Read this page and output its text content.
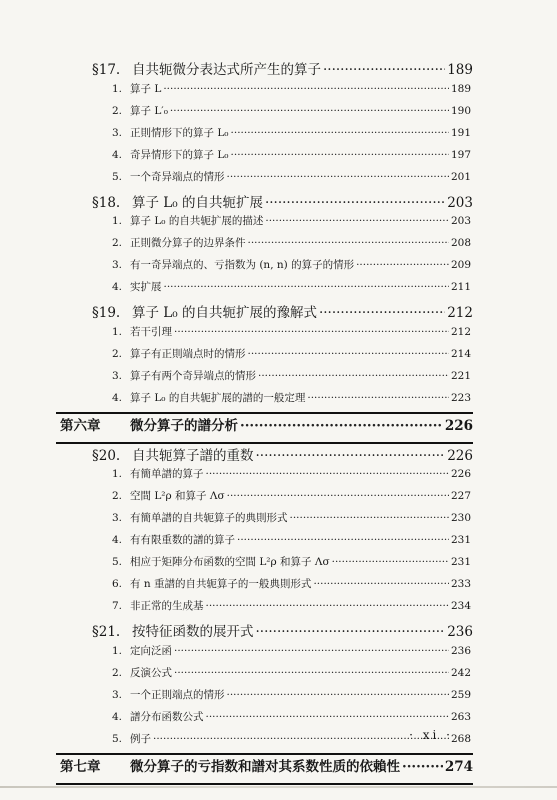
§17. 自共轭微分表达式所产生的算子 ·····	189
1. 算子 L ·····	189
2. 算子 L′₀ ·····	190
3. 正則情形下的算子 L₀ ·····	191
4. 奇异情形下的算子 L₀ ·····	197
5. 一个奇异端点的情形 ·····	201
§18. 算子 L₀ 的自共轭扩展 ·····	203
1. 算子 L₀ 的自共轭扩展的描述 ·····	203
2. 正則微分算子的边界条件 ·····	208
3. 有一奇异端点的、亏指数为 (n, n) 的算子的情形 ·····	209
4. 实扩展 ·····	211
§19. 算子 L₀ 的自共轭扩展的豫解式 ·····	212
1. 若干引理 ·····	212
2. 算子有正則端点时的情形 ·····	214
3. 算子有两个奇异端点的情形 ·····	221
4. 算子 L₀ 的自共轭扩展的譜的一般定理 ·····	223
第六章	微分算子的譜分析 ·····	226
§20. 自共轭算子譜的重数 ·····	226
1. 有簡单譜的算子 ·····	226
2. 空間 L²ρ 和算子 Λσ ·····	227
3. 有簡单譜的自共轭算子的典則形式 ·····	230
4. 有有限重数的譜的算子 ·····	231
5. 相应于矩陣分布函数的空間 L²ρ 和算子 Λσ ·····	231
6. 有 n 重譜的自共轭算子的一般典則形式 ·····	233
7. 非正常的生成基 ·····	234
§21. 按特征函数的展开式 ·····	236
1. 定向泛函 ·····	236
2. 反演公式 ·····	242
3. 一个正則端点的情形 ·····	259
4. 譜分布函数公式 ·····	263
5. 例子 ·····	268
第七章	微分算子的亏指数和譜对其系数性质的依賴性 ·····	274
· xi ·
